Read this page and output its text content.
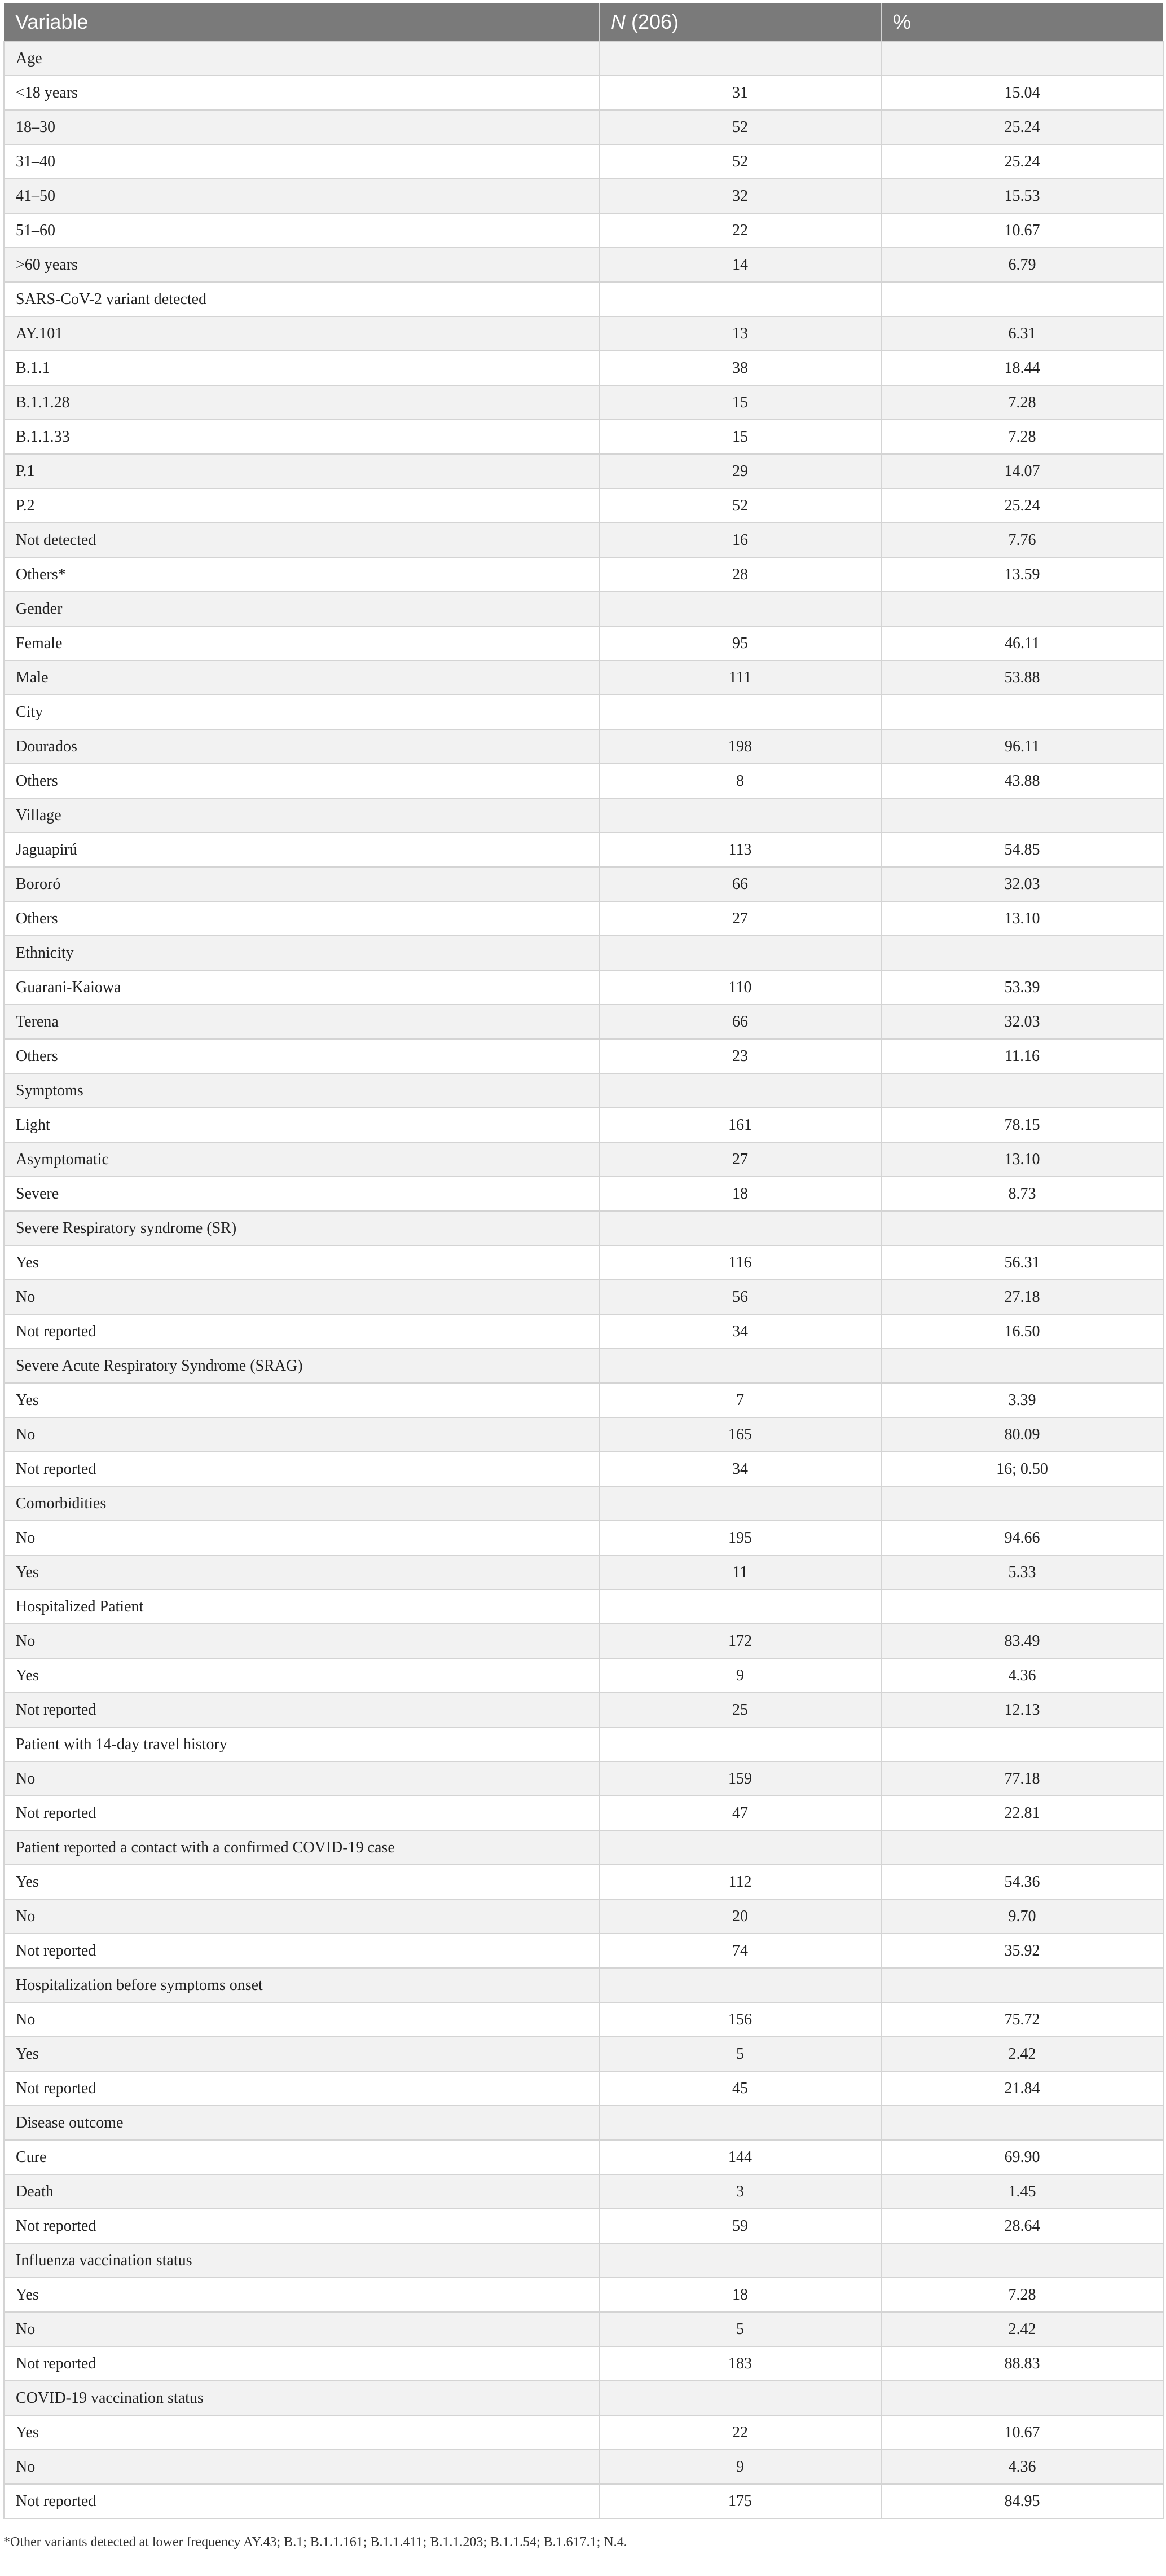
Variable	N (206)	%
Age		
<18 years	31	15.04
18–30	52	25.24
31–40	52	25.24
41–50	32	15.53
51–60	22	10.67
>60 years	14	6.79
SARS-CoV-2 variant detected		
AY.101	13	6.31
B.1.1	38	18.44
B.1.1.28	15	7.28
B.1.1.33	15	7.28
P.1	29	14.07
P.2	52	25.24
Not detected	16	7.76
Others*	28	13.59
Gender		
Female	95	46.11
Male	111	53.88
City		
Dourados	198	96.11
Others	8	43.88
Village		
Jaguapirú	113	54.85
Bororó	66	32.03
Others	27	13.10
Ethnicity		
Guarani-Kaiowa	110	53.39
Terena	66	32.03
Others	23	11.16
Symptoms		
Light	161	78.15
Asymptomatic	27	13.10
Severe	18	8.73
Severe Respiratory syndrome (SR)		
Yes	116	56.31
No	56	27.18
Not reported	34	16.50
Severe Acute Respiratory Syndrome (SRAG)		
Yes	7	3.39
No	165	80.09
Not reported	34	16; 0.50
Comorbidities		
No	195	94.66
Yes	11	5.33
Hospitalized Patient		
No	172	83.49
Yes	9	4.36
Not reported	25	12.13
Patient with 14-day travel history		
No	159	77.18
Not reported	47	22.81
Patient reported a contact with a confirmed COVID-19 case		
Yes	112	54.36
No	20	9.70
Not reported	74	35.92
Hospitalization before symptoms onset		
No	156	75.72
Yes	5	2.42
Not reported	45	21.84
Disease outcome		
Cure	144	69.90
Death	3	1.45
Not reported	59	28.64
Influenza vaccination status		
Yes	18	7.28
No	5	2.42
Not reported	183	88.83
COVID-19 vaccination status		
Yes	22	10.67
No	9	4.36
Not reported	175	84.95
*Other variants detected at lower frequency AY.43; B.1; B.1.1.161; B.1.1.411; B.1.1.203; B.1.1.54; B.1.617.1; N.4.
